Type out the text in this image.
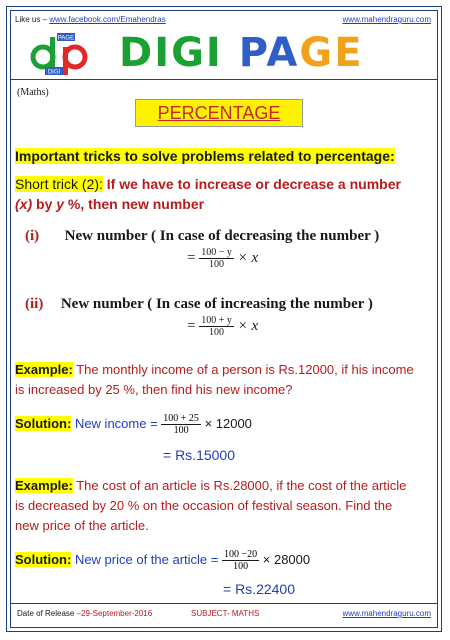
Like us – www.facebook.com/Emahendras	www.mahendraguru.com
PAGE
DIGI DIGI PAGE
(Maths)
PERCENTAGE
Important tricks to solve problems related to percentage:
Short trick (2): If we have to increase or decrease a number
(x) by y %, then new number
(i) New number ( In case of decreasing the number )
= $\frac{100 - y}{100} \times x$
(ii) New number ( In case of increasing the number )
= $\frac{100 + y}{100} \times x$
Example: The monthly income of a person is Rs.12000, if his income
is increased by 25 %, then find his new income?
Solution: New income = $\frac{100 + 25}{100} \times 12000$
= Rs.15000
Example: The cost of an article is Rs.28000, if the cost of the article
is decreased by 20 % on the occasion of festival season. Find the
new price of the article.
Solution: New price of the article = $\frac{100 -20}{100} \times 28000$
= Rs.22400
Date of Release –29-September-2016	SUBJECT- MATHS	www.mahendraguru.com
